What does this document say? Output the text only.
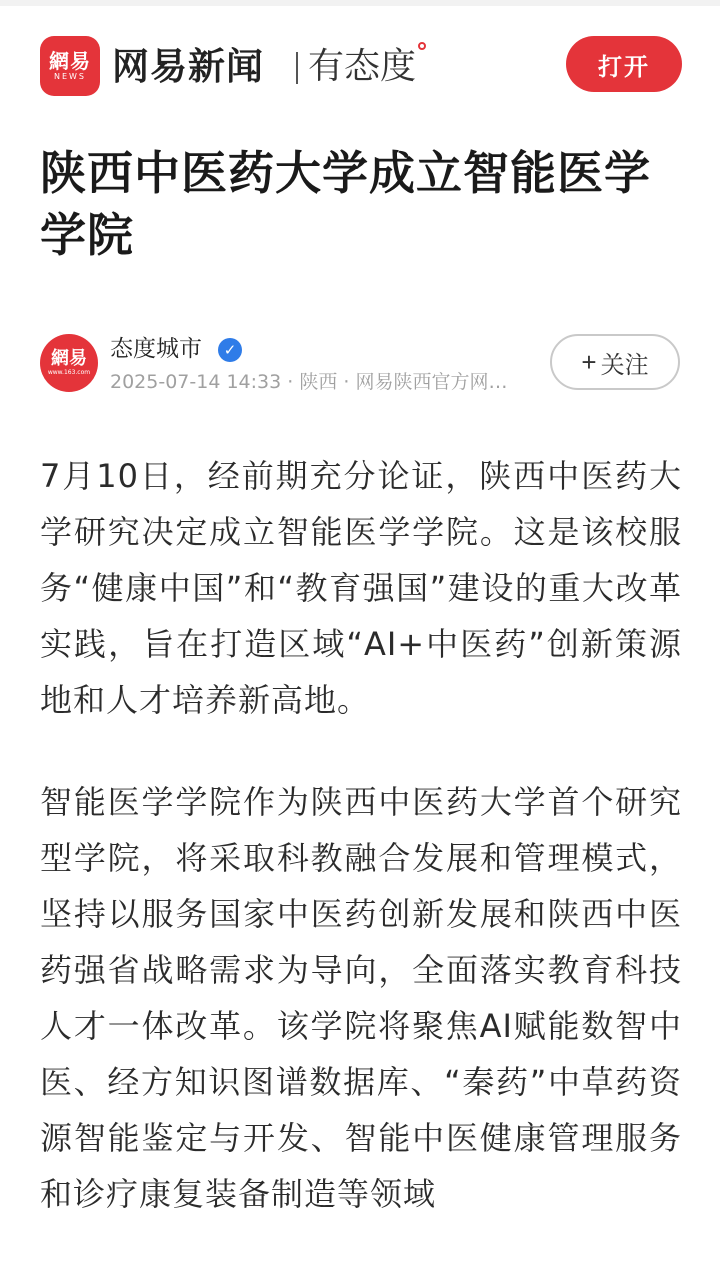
網易
NEWS 网易新闻 有态度	打开
陕西中医药大学成立智能医学学院
網易
www.163.com
态度城市	✓
2025-07-14 14:33 · 陕西 · 网易陕西官方网…
+ 关注

7月10日，经前期充分论证，陕西中医药大学研究决定成立智能医学学院。这是该校服务“健康中国”和“教育强国”建设的重大改革实践，旨在打造区域“AI+中医药”创新策源地和人才培养新高地。

智能医学学院作为陕西中医药大学首个研究型学院，将采取科教融合发展和管理模式，坚持以服务国家中医药创新发展和陕西中医药强省战略需求为导向，全面落实教育科技人才一体改革。该学院将聚焦AI赋能数智中医、经方知识图谱数据库、“秦药”中草药资源智能鉴定与开发、智能中医健康管理服务和诊疗康复装备制造等领域
